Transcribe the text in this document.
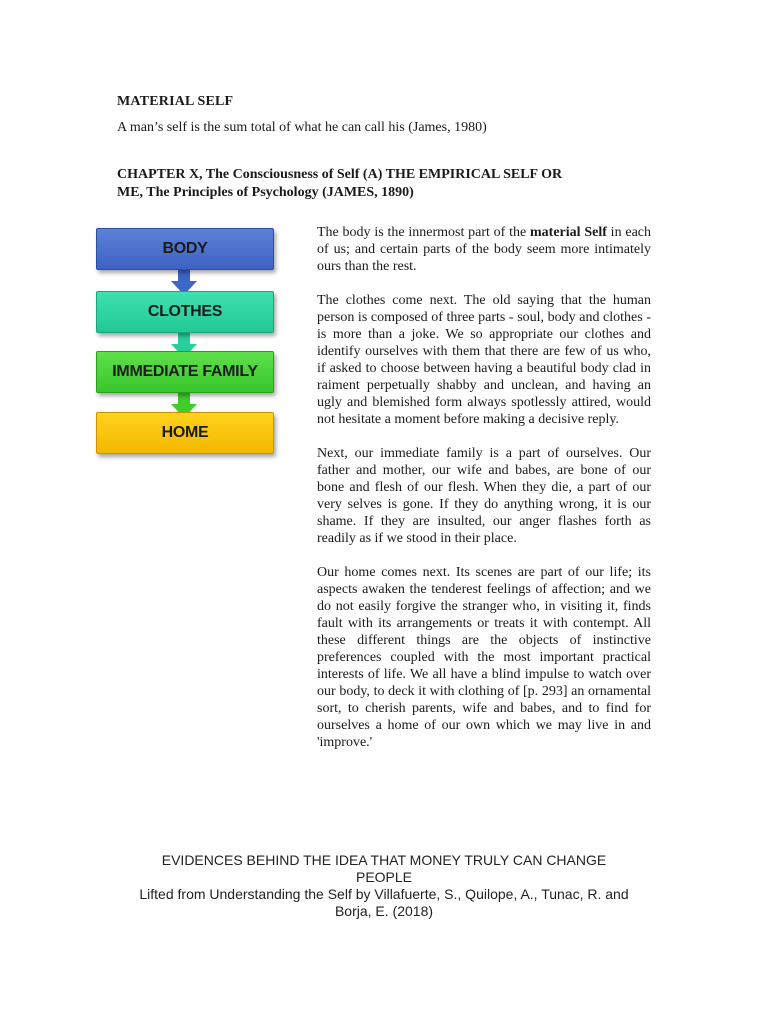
MATERIAL SELF
A man’s self is the sum total of what he can call his (James, 1980)
CHAPTER X, The Consciousness of Self (A) THE EMPIRICAL SELF OR
ME, The Principles of Psychology (JAMES, 1890)
BODY
CLOTHES
IMMEDIATE FAMILY
HOME

The body is the innermost part of the material Self in each of us; and certain parts of the body seem more intimately ours than the rest.

The clothes come next. The old saying that the human person is composed of three parts - soul, body and clothes - is more than a joke. We so appropriate our clothes and identify ourselves with them that there are few of us who, if asked to choose between having a beautiful body clad in raiment perpetually shabby and unclean, and having an ugly and blemished form always spotlessly attired, would not hesitate a moment before making a decisive reply.

Next, our immediate family is a part of ourselves. Our father and mother, our wife and babes, are bone of our bone and flesh of our flesh. When they die, a part of our very selves is gone. If they do anything wrong, it is our shame. If they are insulted, our anger flashes forth as readily as if we stood in their place.

Our home comes next. Its scenes are part of our life; its aspects awaken the tenderest feelings of affection; and we do not easily forgive the stranger who, in visiting it, finds fault with its arrangements or treats it with contempt. All these different things are the objects of instinctive preferences coupled with the most important practical interests of life. We all have a blind impulse to watch over our body, to deck it with clothing of [p. 293] an ornamental sort, to cherish parents, wife and babes, and to find for ourselves a home of our own which we may live in and 'improve.'

EVIDENCES BEHIND THE IDEA THAT MONEY TRULY CAN CHANGE
PEOPLE
Lifted from Understanding the Self by Villafuerte, S., Quilope, A., Tunac, R. and
Borja, E. (2018)
